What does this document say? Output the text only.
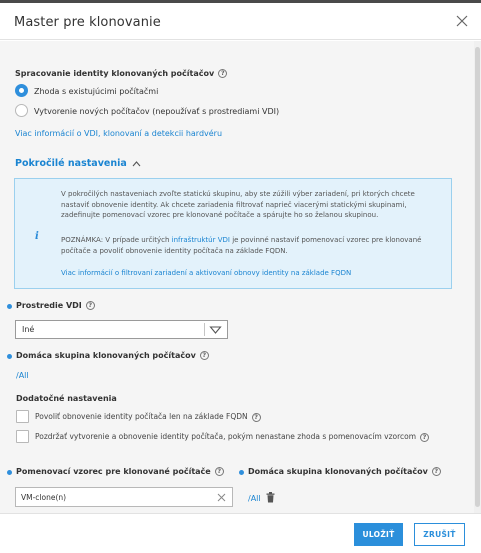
Master pre klonovanie
Spracovanie identity klonovaných počítačov ?
Zhoda s existujúcimi počítačmi
Vytvorenie nových počítačov (nepoužívať s prostrediami VDI)
Viac informácií o VDI, klonovaní a detekcii hardvéru
Pokročilé nastavenia
i
V pokročilých nastaveniach zvoľte statickú skupinu, aby ste zúžili výber zariadení, pri ktorých chcete nastaviť obnovenie identity. Ak chcete zariadenia filtrovať naprieč viacerými statickými skupinami, zadefinujte pomenovací vzorec pre klonované počítače a spárujte ho so želanou skupinou.
POZNÁMKA: V prípade určitých infraštruktúr VDI je povinné nastaviť pomenovací vzorec pre klonované počítače a povoliť obnovenie identity počítača na základe FQDN.
Viac informácií o filtrovaní zariadení a aktivovaní obnovy identity na základe FQDN
Prostredie VDI ?
Iné
Domáca skupina klonovaných počítačov ?
/All
Dodatočné nastavenia
Povoliť obnovenie identity počítača len na základe FQDN ?
Pozdržať vytvorenie a obnovenie identity počítača, pokým nenastane zhoda s pomenovacím vzorcom ?
Pomenovací vzorec pre klonované počítače ?
VM-clone(n)
Domáca skupina klonovaných počítačov ?
/All
ULOŽIŤ	ZRUŠIŤ
